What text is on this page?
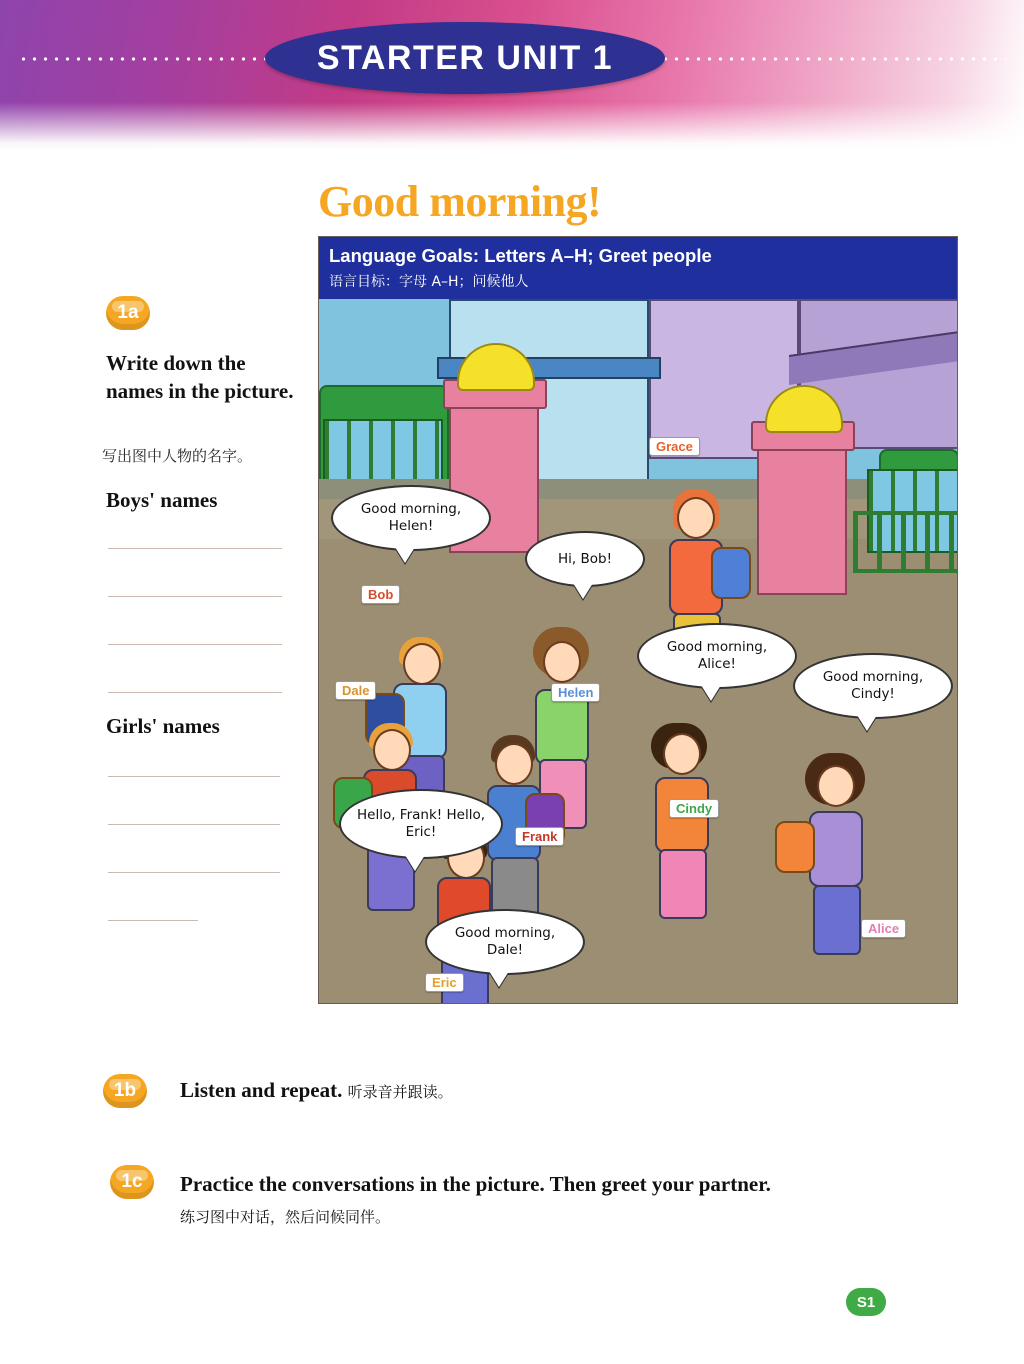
STARTER UNIT 1
Good morning!
1a
Write down the names in the picture.
写出图中人物的名字。
Boys' names
Girls' names
Language Goals: Letters A–H; Greet people
语言目标：字母 A–H；问候他人
Grace
Bob
Dale	Helen
Cindy
Frank
Alice
Eric
Good morning, Helen!
Hi, Bob!
Good morning, Alice!
Good morning, Cindy!
Hello, Frank! Hello, Eric!
Good morning, Dale!
1b Listen and repeat. 听录音并跟读。
1c Practice the conversations in the picture. Then greet your partner.
练习图中对话，然后问候同伴。
S1
